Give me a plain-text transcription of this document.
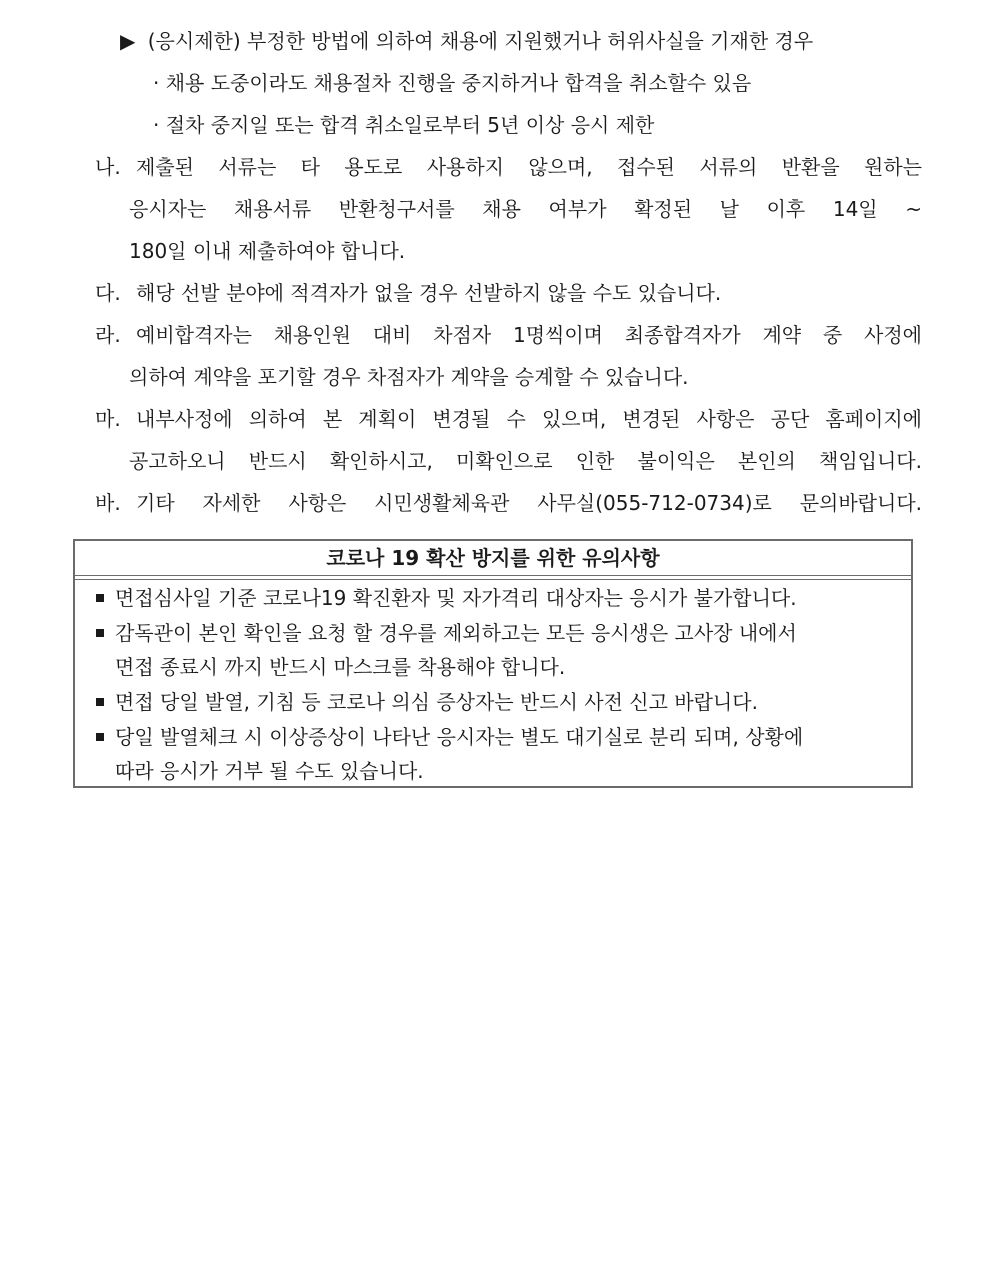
▶ (응시제한) 부정한 방법에 의하여 채용에 지원했거나 허위사실을 기재한 경우
· 채용 도중이라도 채용절차 진행을 중지하거나 합격을 취소할수 있음
· 절차 중지일 또는 합격 취소일로부터 5년 이상 응시 제한
나. 제출된 서류는 타 용도로 사용하지 않으며, 접수된 서류의 반환을 원하는
응시자는 채용서류 반환청구서를 채용 여부가 확정된 날 이후 14일 ~
180일 이내 제출하여야 합니다.
다. 해당 선발 분야에 적격자가 없을 경우 선발하지 않을 수도 있습니다.
라. 예비합격자는 채용인원 대비 차점자 1명씩이며 최종합격자가 계약 중 사정에
의하여 계약을 포기할 경우 차점자가 계약을 승계할 수 있습니다.
마. 내부사정에 의하여 본 계획이 변경될 수 있으며, 변경된 사항은 공단 홈페이지에
공고하오니 반드시 확인하시고, 미확인으로 인한 불이익은 본인의 책임입니다.
바. 기타 자세한 사항은 시민생활체육관 사무실(055-712-0734)로 문의바랍니다.
코로나 19 확산 방지를 위한 유의사항
면접심사일 기준 코로나19 확진환자 및 자가격리 대상자는 응시가 불가합니다.
감독관이 본인 확인을 요청 할 경우를 제외하고는 모든 응시생은 고사장 내에서
면접 종료시 까지 반드시 마스크를 착용해야 합니다.
면접 당일 발열, 기침 등 코로나 의심 증상자는 반드시 사전 신고 바랍니다.
당일 발열체크 시 이상증상이 나타난 응시자는 별도 대기실로 분리 되며, 상황에
따라 응시가 거부 될 수도 있습니다.
